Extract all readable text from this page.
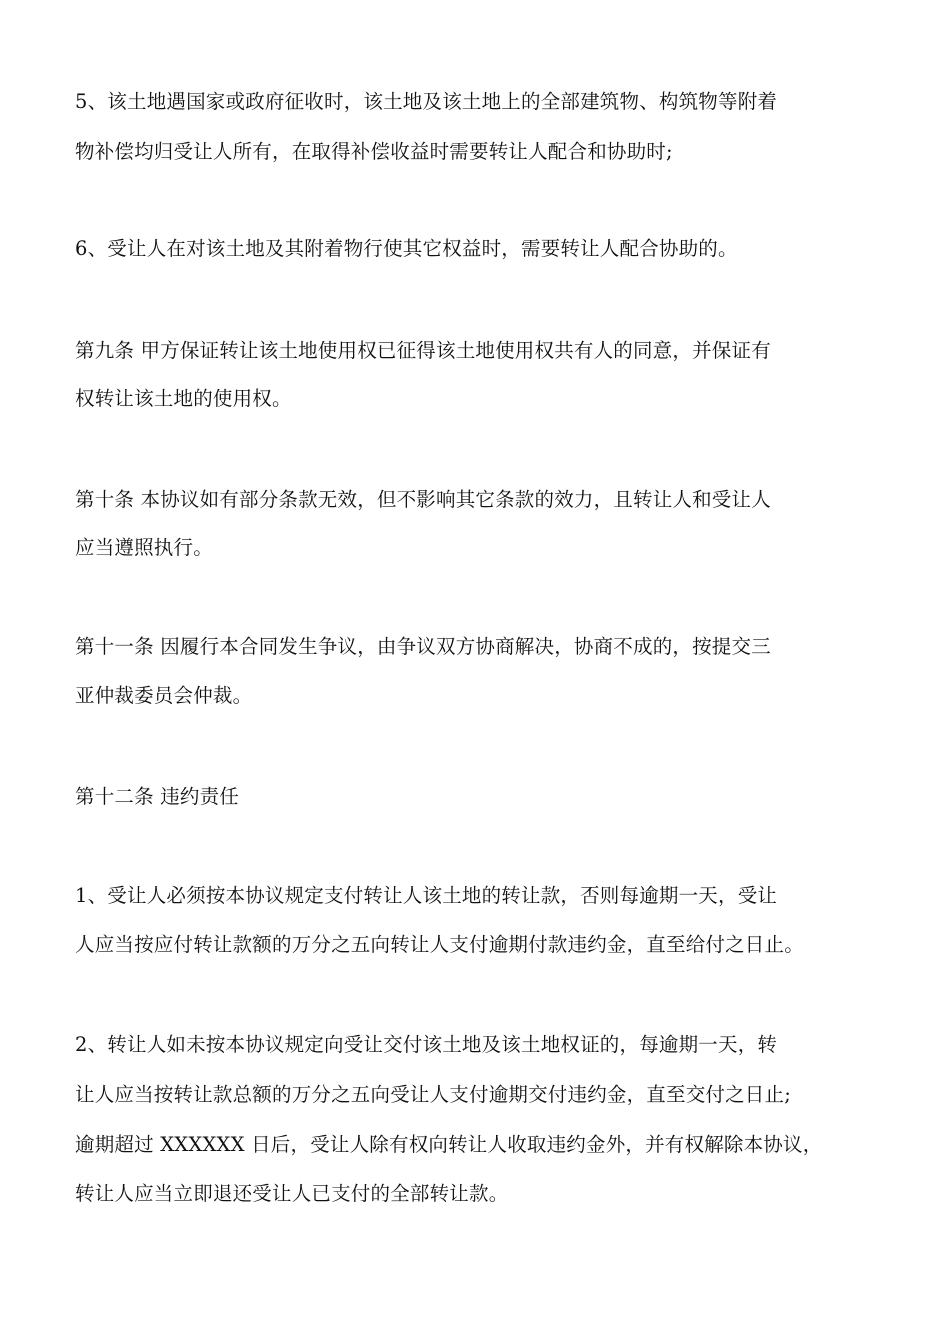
5、该土地遇国家或政府征收时，该土地及该土地上的全部建筑物、构筑物等附着
物补偿均归受让人所有，在取得补偿收益时需要转让人配合和协助时;
6、受让人在对该土地及其附着物行使其它权益时，需要转让人配合协助的。
第九条 甲方保证转让该土地使用权已征得该土地使用权共有人的同意，并保证有
权转让该土地的使用权。
第十条 本协议如有部分条款无效，但不影响其它条款的效力，且转让人和受让人
应当遵照执行。
第十一条 因履行本合同发生争议，由争议双方协商解决，协商不成的，按提交三
亚仲裁委员会仲裁。
第十二条 违约责任
1、受让人必须按本协议规定支付转让人该土地的转让款，否则每逾期一天，受让
人应当按应付转让款额的万分之五向转让人支付逾期付款违约金，直至给付之日止。
2、转让人如未按本协议规定向受让交付该土地及该土地权证的，每逾期一天，转
让人应当按转让款总额的万分之五向受让人支付逾期交付违约金，直至交付之日止;
逾期超过 XXXXXX 日后，受让人除有权向转让人收取违约金外，并有权解除本协议，
转让人应当立即退还受让人已支付的全部转让款。
